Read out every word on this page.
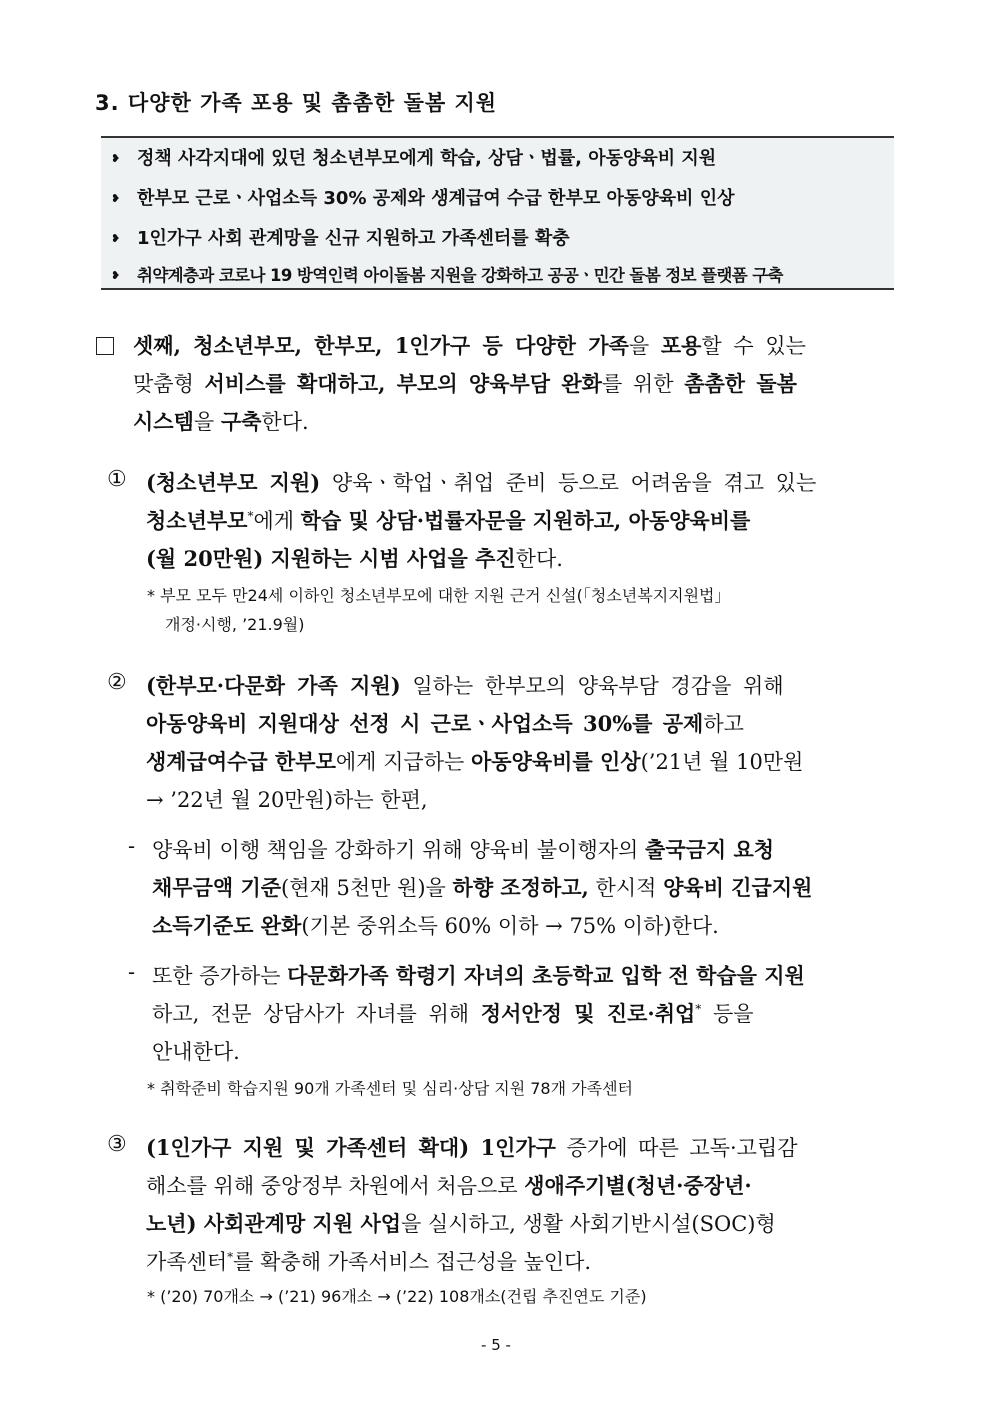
3. 다양한 가족 포용 및 촘촘한 돌봄 지원
❥ 정책 사각지대에 있던 청소년부모에게 학습, 상담ㆍ법률, 아동양육비 지원
❥ 한부모 근로ㆍ사업소득 30% 공제와 생계급여 수급 한부모 아동양육비 인상
❥ 1인가구 사회 관계망을 신규 지원하고 가족센터를 확충
❥ 취약계층과 코로나 19 방역인력 아이돌봄 지원을 강화하고 공공ㆍ민간 돌봄 정보 플랫폼 구축
셋째, 청소년부모, 한부모, 1인가구 등 다양한 가족을 포용할 수 있는
맞춤형 서비스를 확대하고, 부모의 양육부담 완화를 위한 촘촘한 돌봄
시스템을 구축한다.
① (청소년부모 지원) 양육ㆍ학업ㆍ취업 준비 등으로 어려움을 겪고 있는
청소년부모*에게 학습 및 상담·법률자문을 지원하고, 아동양육비를
(월 20만원) 지원하는 시범 사업을 추진한다.
* 부모 모두 만24세 이하인 청소년부모에 대한 지원 근거 신설(「청소년복지지원법」
개정·시행, ’21.9월)
② (한부모·다문화 가족 지원) 일하는 한부모의 양육부담 경감을 위해
아동양육비 지원대상 선정 시 근로ㆍ사업소득 30%를 공제하고
생계급여수급 한부모에게 지급하는 아동양육비를 인상(’21년 월 10만원
→ ’22년 월 20만원)하는 한편,
- 양육비 이행 책임을 강화하기 위해 양육비 불이행자의 출국금지 요청
채무금액 기준(현재 5천만 원)을 하향 조정하고, 한시적 양육비 긴급지원
소득기준도 완화(기본 중위소득 60% 이하 → 75% 이하)한다.
- 또한 증가하는 다문화가족 학령기 자녀의 초등학교 입학 전 학습을 지원
하고, 전문 상담사가 자녀를 위해 정서안정 및 진로·취업* 등을
안내한다.
* 취학준비 학습지원 90개 가족센터 및 심리·상담 지원 78개 가족센터
③ (1인가구 지원 및 가족센터 확대) 1인가구 증가에 따른 고독·고립감
해소를 위해 중앙정부 차원에서 처음으로 생애주기별(청년·중장년·
노년) 사회관계망 지원 사업을 실시하고, 생활 사회기반시설(SOC)형
가족센터*를 확충해 가족서비스 접근성을 높인다.
* (’20) 70개소 → (’21) 96개소 → (’22) 108개소(건립 추진연도 기준)
- 5 -
